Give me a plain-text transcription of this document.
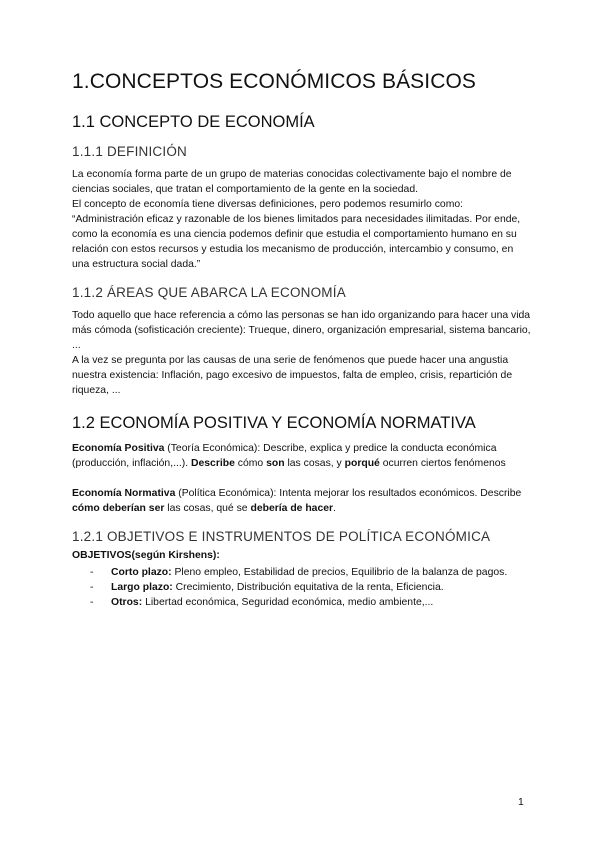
1.CONCEPTOS ECONÓMICOS BÁSICOS
1.1 CONCEPTO DE ECONOMÍA
1.1.1 DEFINICIÓN

La economía forma parte de un grupo de materias conocidas colectivamente bajo el nombre de ciencias sociales, que tratan el comportamiento de la gente en la sociedad.

El concepto de economía tiene diversas definiciones, pero podemos resumirlo como:

“Administración eficaz y razonable de los bienes limitados para necesidades ilimitadas. Por ende, como la economía es una ciencia podemos definir que estudia el comportamiento humano en su relación con estos recursos y estudia los mecanismo de producción, intercambio y consumo, en una estructura social dada.”

1.1.2 ÁREAS QUE ABARCA LA ECONOMÍA

Todo aquello que hace referencia a cómo las personas se han ido organizando para hacer una vida más cómoda (sofisticación creciente): Trueque, dinero, organización empresarial, sistema bancario, ...

A la vez se pregunta por las causas de una serie de fenómenos que puede hacer una angustia nuestra existencia: Inflación, pago excesivo de impuestos, falta de empleo, crisis, repartición de riqueza, ...

1.2 ECONOMÍA POSITIVA Y ECONOMÍA NORMATIVA

Economía Positiva (Teoría Económica): Describe, explica y predice la conducta económica (producción, inflación,...). Describe cómo son las cosas, y porqué ocurren ciertos fenómenos

Economía Normativa (Política Económica): Intenta mejorar los resultados económicos. Describe cómo deberían ser las cosas, qué se debería de hacer.

1.2.1 OBJETIVOS E INSTRUMENTOS DE POLÍTICA ECONÓMICA

OBJETIVOS(según Kirshens):

- Corto plazo: Pleno empleo, Estabilidad de precios, Equilibrio de la balanza de pagos.
- Largo plazo: Crecimiento, Distribución equitativa de la renta, Eficiencia.
- Otros: Libertad económica, Seguridad económica, medio ambiente,...
1
